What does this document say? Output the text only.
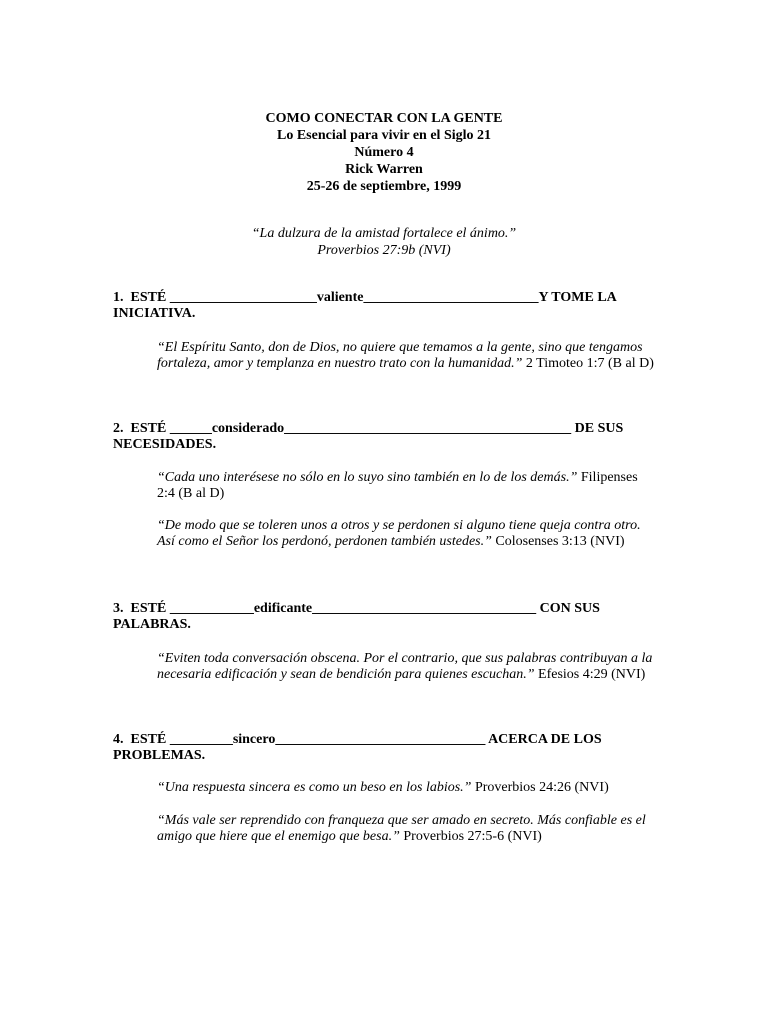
COMO CONECTAR CON LA GENTE
Lo Esencial para vivir en el Siglo 21
Número 4
Rick Warren
25-26 de septiembre, 1999
“La dulzura de la amistad fortalece el ánimo.”
Proverbios 27:9b (NVI)
1. ESTÉ _____________________valiente_________________________Y TOME LA INICIATIVA.
“El Espíritu Santo, don de Dios, no quiere que temamos a la gente, sino que tengamos fortaleza, amor y templanza en nuestro trato con la humanidad.” 2 Timoteo 1:7 (B al D)
2. ESTÉ ______considerado_________________________________________ DE SUS NECESIDADES.
“Cada uno interésese no sólo en lo suyo sino también en lo de los demás.” Filipenses 2:4 (B al D)
“De modo que se toleren unos a otros y se perdonen si alguno tiene queja contra otro. Así como el Señor los perdonó, perdonen también ustedes.” Colosenses 3:13 (NVI)
3. ESTÉ ____________edificante________________________________ CON SUS PALABRAS.
“Eviten toda conversación obscena. Por el contrario, que sus palabras contribuyan a la necesaria edificación y sean de bendición para quienes escuchan.” Efesios 4:29 (NVI)
4. ESTÉ _________sincero______________________________ ACERCA DE LOS PROBLEMAS.
“Una respuesta sincera es como un beso en los labios.” Proverbios 24:26 (NVI)
“Más vale ser reprendido con franqueza que ser amado en secreto. Más confiable es el amigo que hiere que el enemigo que besa.” Proverbios 27:5-6 (NVI)
